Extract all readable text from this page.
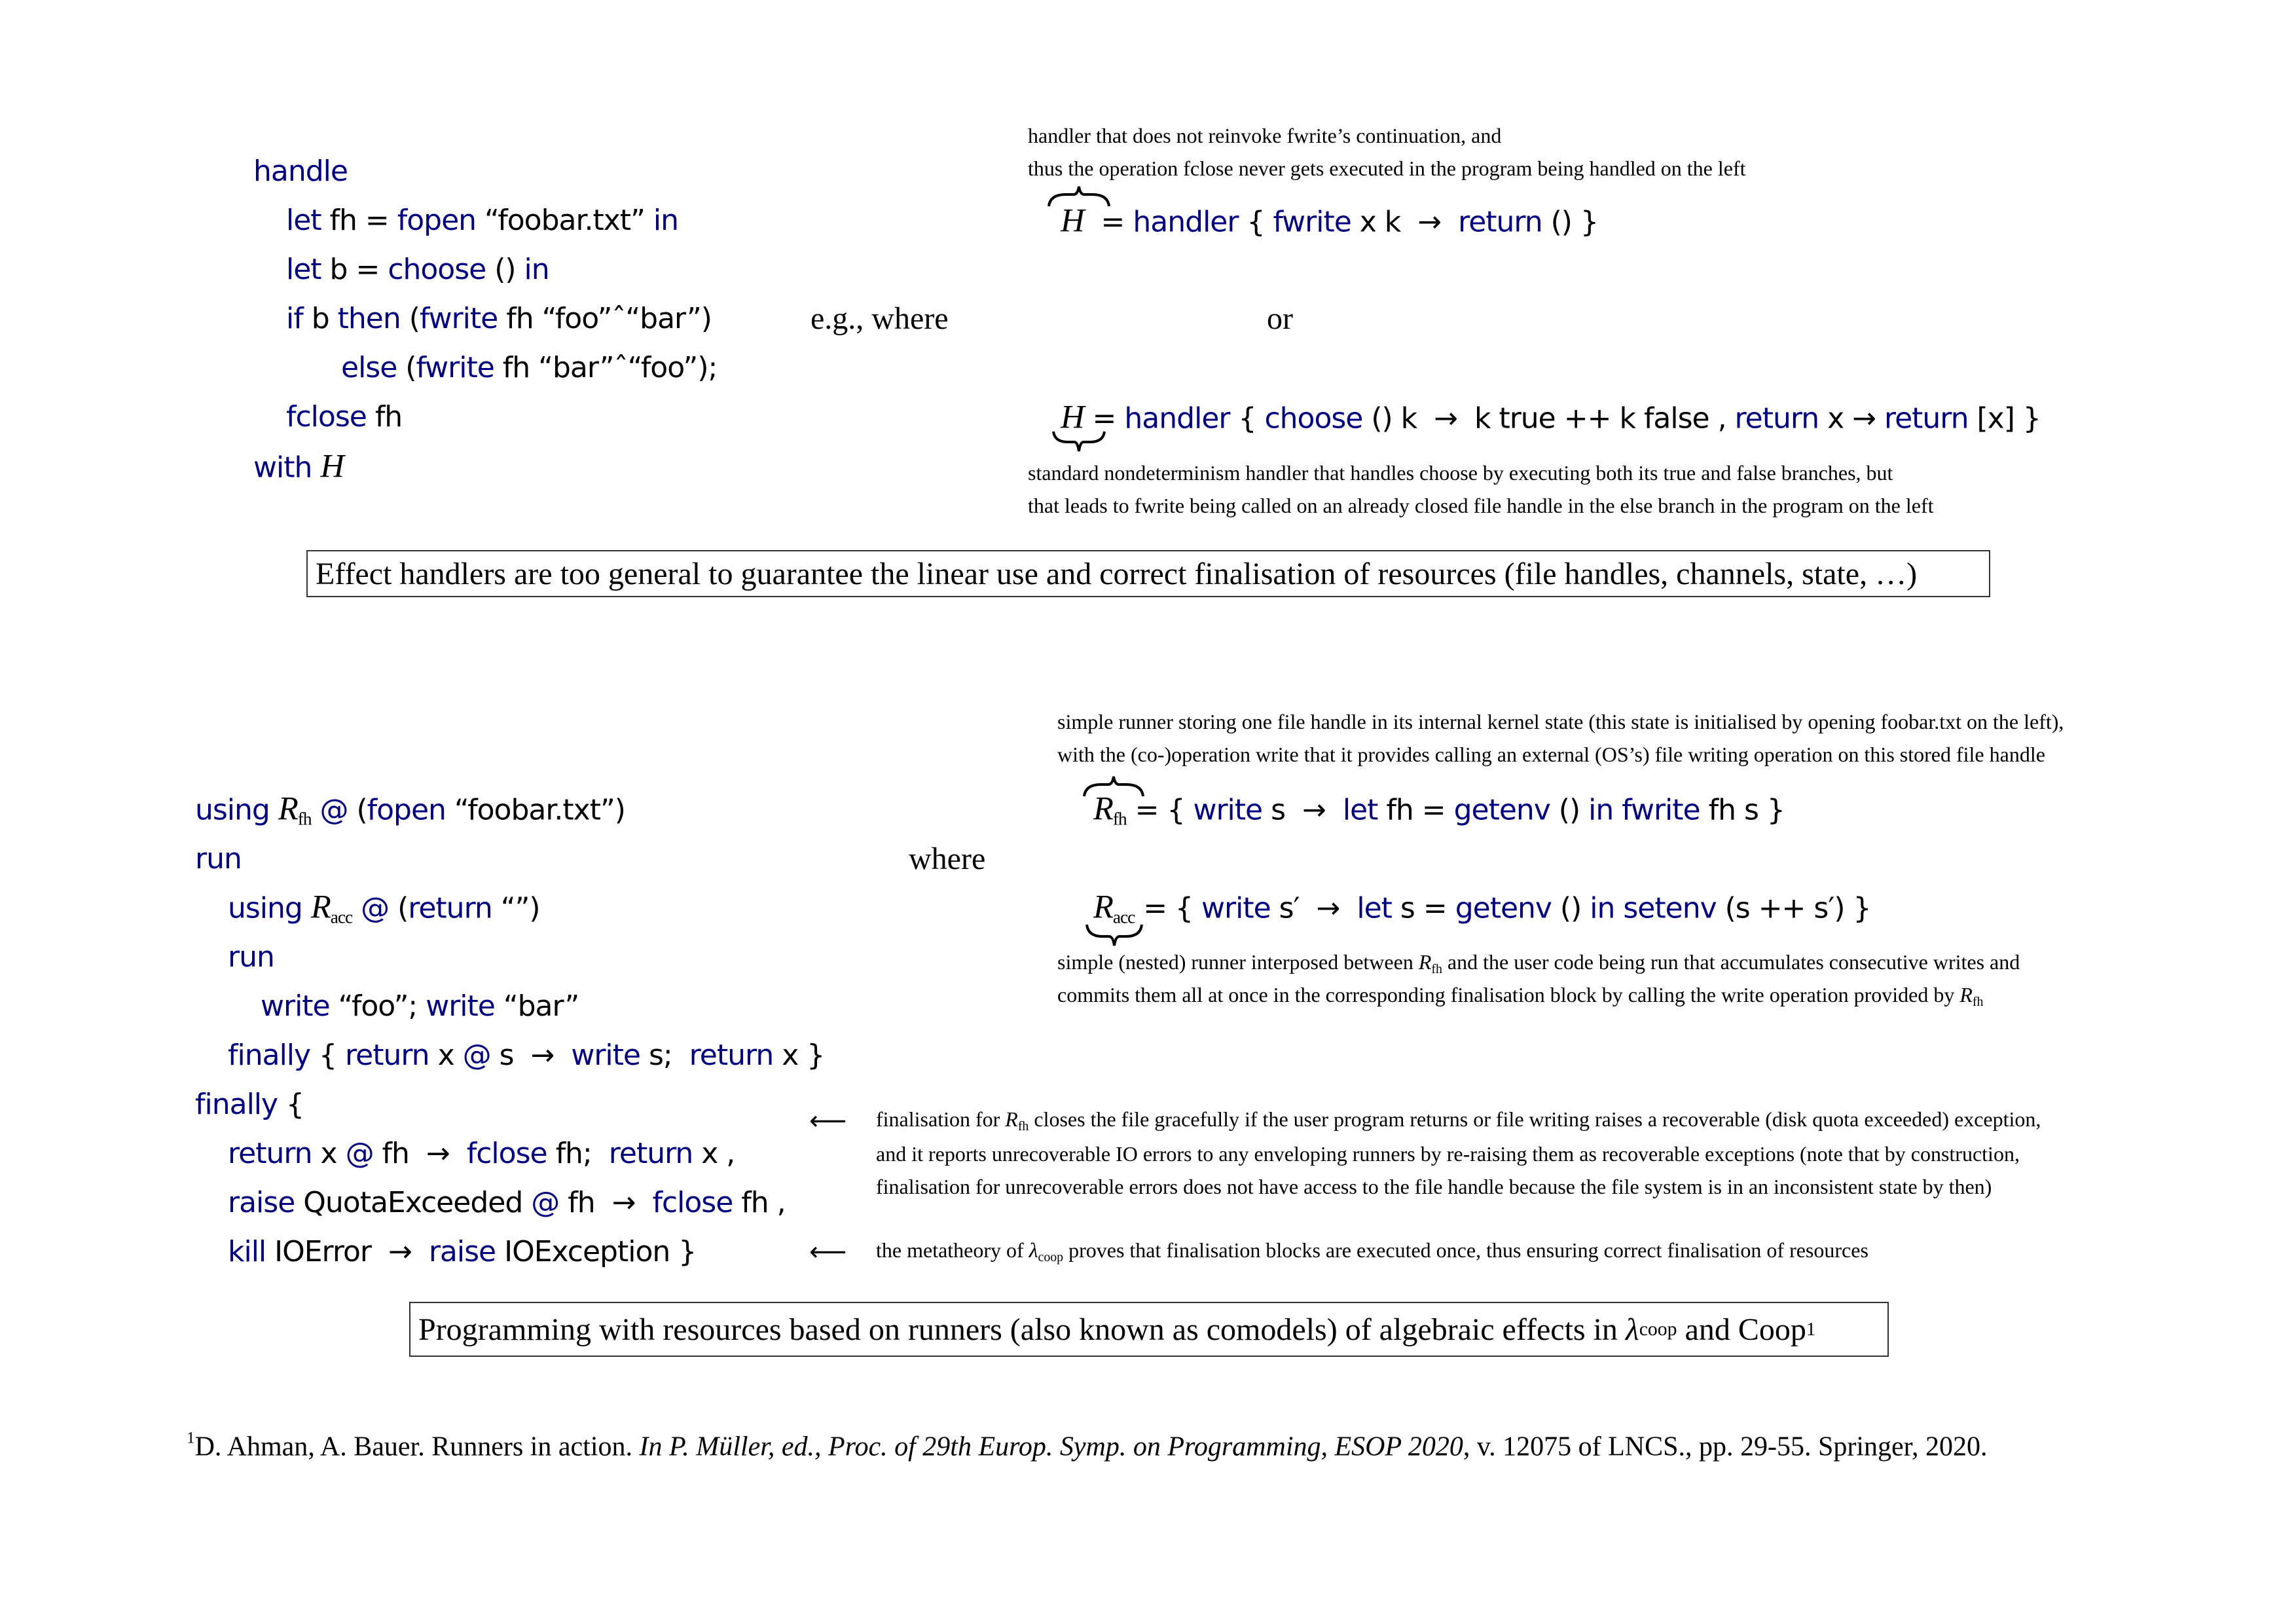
handle
let fh = fopen “foobar.txt” in
let b = choose () in
if b then (fwrite fh “foo”ˆ“bar”)
else (fwrite fh “bar”ˆ“foo”);
fclose fh
with H
e.g., where	or
handler that does not reinvoke fwrite’s continuation, and
thus the operation fclose never gets executed in the program being handled on the left
H = handler { fwrite x k  →  return () }
H = handler { choose () k  →  k true ++ k false , return x → return [x] }
standard nondeterminism handler that handles choose by executing both its true and false branches, but
that leads to fwrite being called on an already closed file handle in the else branch in the program on the left
Effect handlers are too general to guarantee the linear use and correct finalisation of resources (file handles, channels, state, …)
using $R_{fh}$ @ (fopen “foobar.txt”)
run
using $R_{acc}$ @ (return “”)
run
write “foo”; write “bar”
finally { return x @ s  →  write s;  return x }
finally {
return x @ fh  →  fclose fh;  return x ,
raise QuotaExceeded @ fh  →  fclose fh ,
kill IOError  →  raise IOException }
where
simple runner storing one file handle in its internal kernel state (this state is initialised by opening foobar.txt on the left),
with the (co-)operation write that it provides calling an external (OS’s) file writing operation on this stored file handle
$R_{fh}$ = { write s  →  let fh = getenv () in fwrite fh s }
$R_{acc}$ = { write s′  →  let s = getenv () in setenv (s ++ s′) }
simple (nested) runner interposed between $R_{fh}$ and the user code being run that accumulates consecutive writes and
commits them all at once in the corresponding finalisation block by calling the write operation provided by $R_{fh}$
⟵ finalisation for $R_{fh}$ closes the file gracefully if the user program returns or file writing raises a recoverable (disk quota exceeded) exception,
and it reports unrecoverable IO errors to any enveloping runners by re-raising them as recoverable exceptions (note that by construction,
finalisation for unrecoverable errors does not have access to the file handle because the file system is in an inconsistent state by then)
⟵ the metatheory of $\lambda_{coop}$ proves that finalisation blocks are executed once, thus ensuring correct finalisation of resources
Programming with resources based on runners (also known as comodels) of algebraic effects in λ coop and Coop 1
$^1$D. Ahman, A. Bauer. Runners in action. In P. Müller, ed., Proc. of 29th Europ. Symp. on Programming, ESOP 2020, v. 12075 of LNCS., pp. 29-55. Springer, 2020.
